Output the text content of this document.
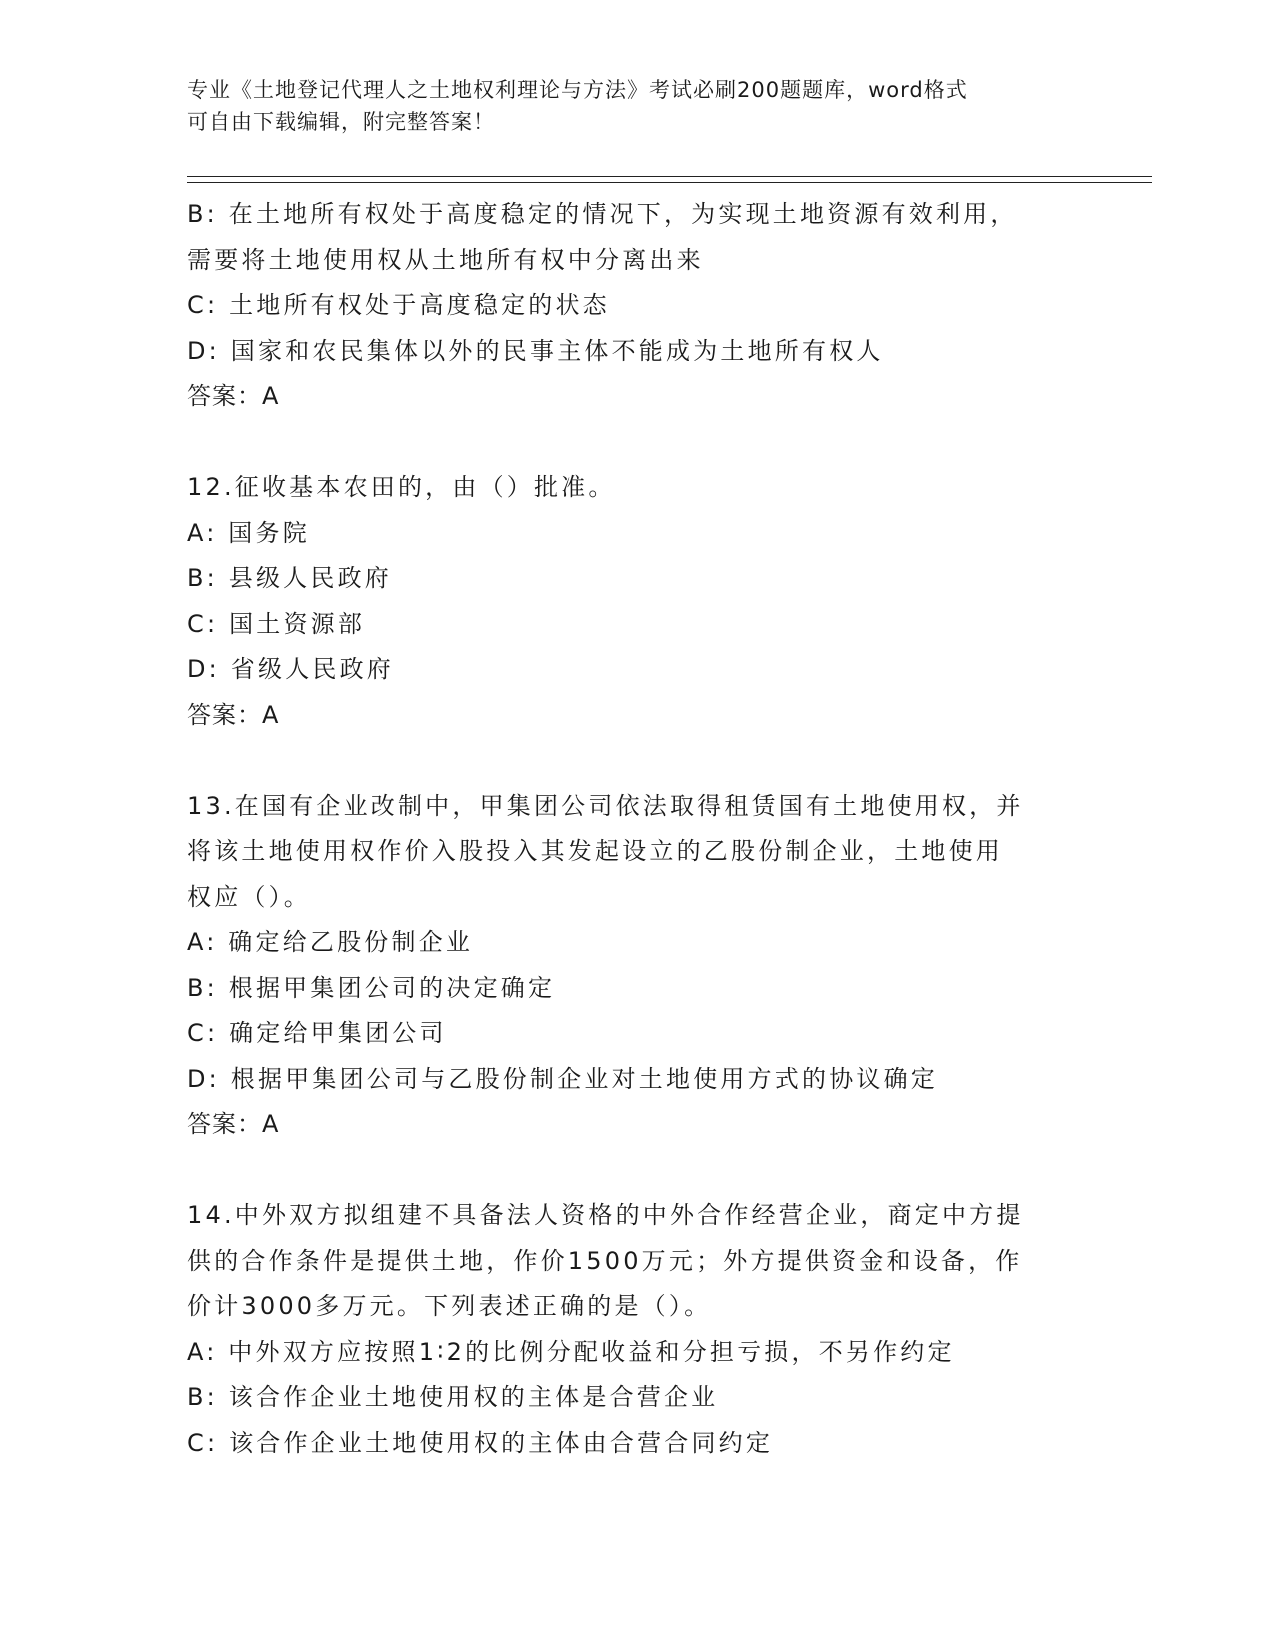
专业《土地登记代理人之土地权利理论与方法》考试必刷200题题库，word格式

可自由下载编辑，附完整答案！

B: 在土地所有权处于高度稳定的情况下，为实现土地资源有效利用，
需要将土地使用权从土地所有权中分离出来
C: 土地所有权处于高度稳定的状态
D: 国家和农民集体以外的民事主体不能成为土地所有权人
答案：A
12.征收基本农田的，由（）批准。
A: 国务院
B: 县级人民政府
C: 国土资源部
D: 省级人民政府
答案：A
13.在国有企业改制中，甲集团公司依法取得租赁国有土地使用权，并
将该土地使用权作价入股投入其发起设立的乙股份制企业，土地使用
权应（）。
A: 确定给乙股份制企业
B: 根据甲集团公司的决定确定
C: 确定给甲集团公司
D: 根据甲集团公司与乙股份制企业对土地使用方式的协议确定
答案：A
14.中外双方拟组建不具备法人资格的中外合作经营企业，商定中方提
供的合作条件是提供土地，作价1500万元；外方提供资金和设备，作
价计3000多万元。下列表述正确的是（）。
A: 中外双方应按照1∶2的比例分配收益和分担亏损，不另作约定
B: 该合作企业土地使用权的主体是合营企业
C: 该合作企业土地使用权的主体由合营合同约定
